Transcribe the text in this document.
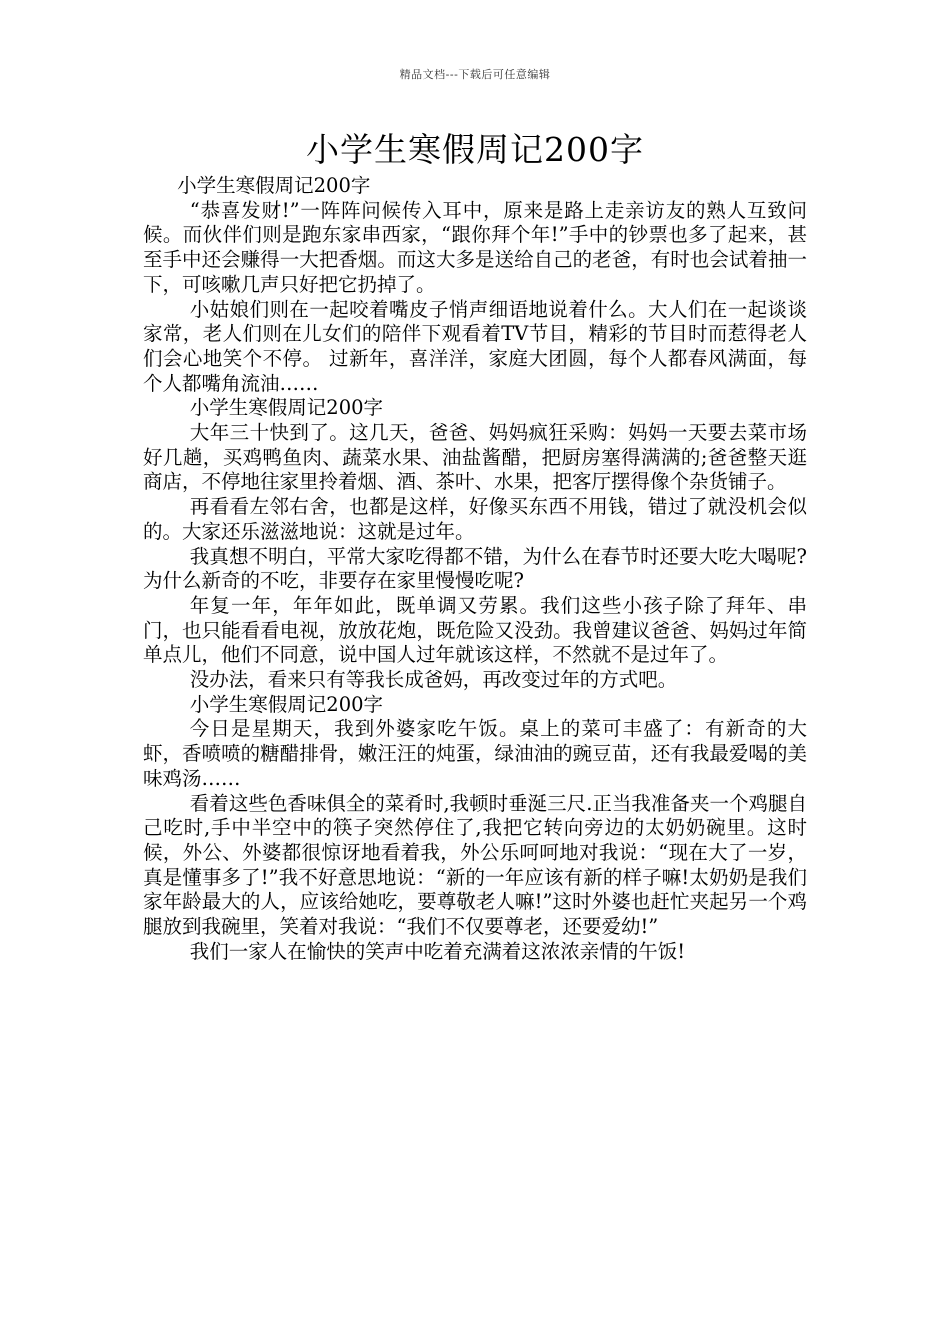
精品文档---下载后可任意编辑
小学生寒假周记200字

小学生寒假周记200字

“恭喜发财!”一阵阵问候传入耳中，原来是路上走亲访友的熟人互致问候。而伙伴们则是跑东家串西家，“跟你拜个年!”手中的钞票也多了起来，甚至手中还会赚得一大把香烟。而这大多是送给自己的老爸，有时也会试着抽一下，可咳嗽几声只好把它扔掉了。

小姑娘们则在一起咬着嘴皮子悄声细语地说着什么。大人们在一起谈谈家常，老人们则在儿女们的陪伴下观看着TV节目，精彩的节目时而惹得老人们会心地笑个不停。 过新年，喜洋洋，家庭大团圆，每个人都春风满面，每个人都嘴角流油……

小学生寒假周记200字

大年三十快到了。这几天，爸爸、妈妈疯狂采购：妈妈一天要去菜市场好几趟，买鸡鸭鱼肉、蔬菜水果、油盐酱醋，把厨房塞得满满的;爸爸整天逛商店，不停地往家里拎着烟、酒、茶叶、水果，把客厅摆得像个杂货铺子。

再看看左邻右舍，也都是这样，好像买东西不用钱，错过了就没机会似的。大家还乐滋滋地说：这就是过年。

我真想不明白，平常大家吃得都不错，为什么在春节时还要大吃大喝呢?为什么新奇的不吃，非要存在家里慢慢吃呢?

年复一年，年年如此，既单调又劳累。我们这些小孩子除了拜年、串门，也只能看看电视，放放花炮，既危险又没劲。我曾建议爸爸、妈妈过年简单点儿，他们不同意，说中国人过年就该这样，不然就不是过年了。

没办法，看来只有等我长成爸妈，再改变过年的方式吧。

小学生寒假周记200字

今日是星期天，我到外婆家吃午饭。桌上的菜可丰盛了：有新奇的大虾，香喷喷的糖醋排骨，嫩汪汪的炖蛋，绿油油的豌豆苗，还有我最爱喝的美味鸡汤……

看着这些色香味俱全的菜肴时,我顿时垂涎三尺.正当我准备夹一个鸡腿自己吃时,手中半空中的筷子突然停住了,我把它转向旁边的太奶奶碗里。这时候，外公、外婆都很惊讶地看着我，外公乐呵呵地对我说：“现在大了一岁，真是懂事多了!”我不好意思地说：“新的一年应该有新的样子嘛!太奶奶是我们家年龄最大的人，应该给她吃，要尊敬老人嘛!”这时外婆也赶忙夹起另一个鸡腿放到我碗里，笑着对我说：“我们不仅要尊老，还要爱幼!”

我们一家人在愉快的笑声中吃着充满着这浓浓亲情的午饭!
